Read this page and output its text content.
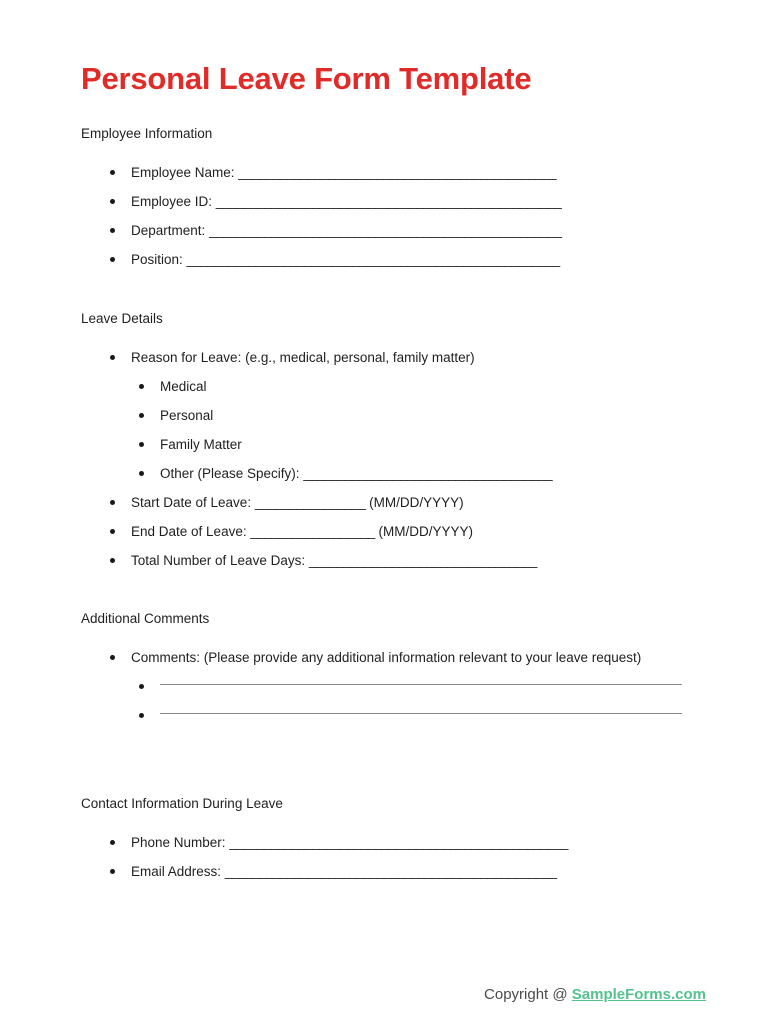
Personal Leave Form Template
Employee Information
Employee Name: ______________________________________________
Employee ID: __________________________________________________
Department: ___________________________________________________
Position: ______________________________________________________
Leave Details
Reason for Leave: (e.g., medical, personal, family matter)
Medical
Personal
Family Matter
Other (Please Specify): ____________________________________
Start Date of Leave: ________________ (MM/DD/YYYY)
End Date of Leave: __________________ (MM/DD/YYYY)
Total Number of Leave Days: _________________________________
Additional Comments
Comments: (Please provide any additional information relevant to your leave request)
Contact Information During Leave
Phone Number: _________________________________________________
Email Address: ________________________________________________
Copyright @ SampleForms.com
